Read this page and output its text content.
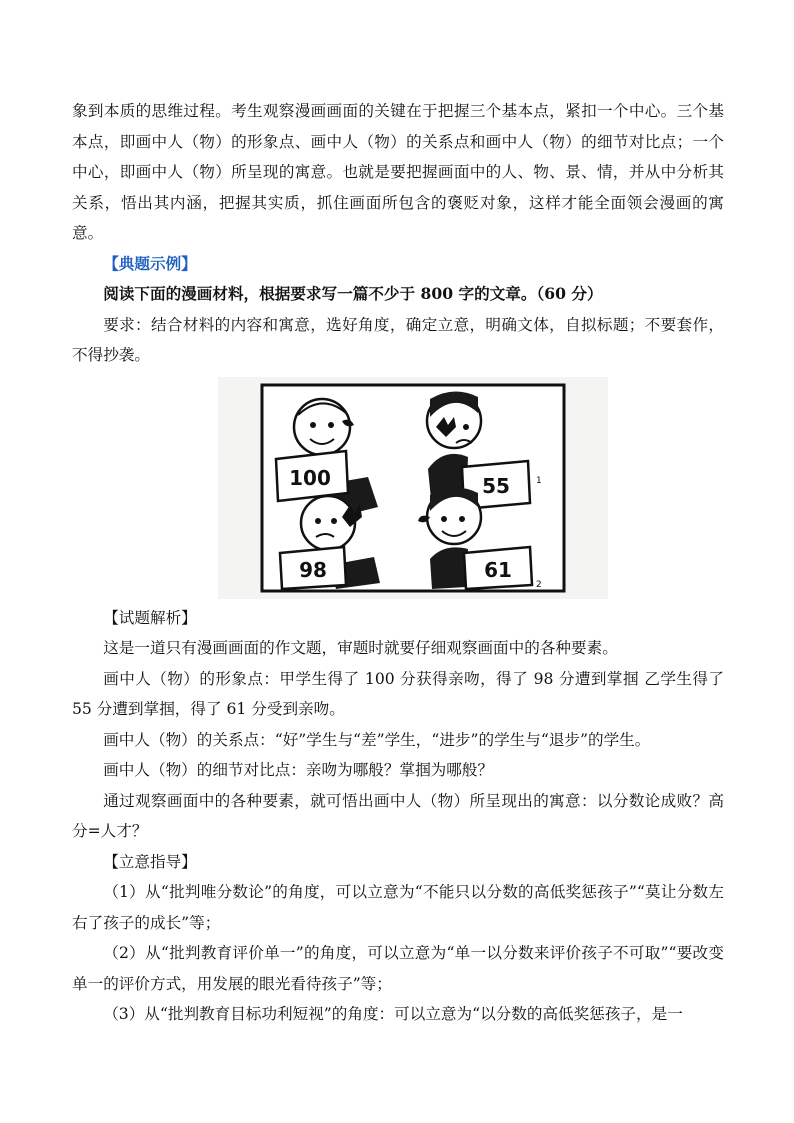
象到本质的思维过程。考生观察漫画画面的关键在于把握三个基本点，紧扣一个中心。三个基本点，即画中人（物）的形象点、画中人（物）的关系点和画中人（物）的细节对比点；一个中心，即画中人（物）所呈现的寓意。也就是要把握画面中的人、物、景、情，并从中分析其关系，悟出其内涵，把握其实质，抓住画面所包含的褒贬对象，这样才能全面领会漫画的寓意。

【典题示例】

阅读下面的漫画材料，根据要求写一篇不少于 800 字的文章。（60 分）

要求：结合材料的内容和寓意，选好角度，确定立意，明确文体，自拟标题；不要套作，不得抄袭。

100	55	1
98	61
2

【试题解析】

这是一道只有漫画画面的作文题，审题时就要仔细观察画面中的各种要素。

画中人（物）的形象点：甲学生得了 100 分获得亲吻，得了 98 分遭到掌掴 乙学生得了 55 分遭到掌掴，得了 61 分受到亲吻。

画中人（物）的关系点：“好”学生与“差”学生，“进步”的学生与“退步”的学生。

画中人（物）的细节对比点：亲吻为哪般？掌掴为哪般？

通过观察画面中的各种要素，就可悟出画中人（物）所呈现出的寓意：以分数论成败？高分=人才？

【立意指导】

（1）从“批判唯分数论”的角度，可以立意为“不能只以分数的高低奖惩孩子”“莫让分数左右了孩子的成长”等；

（2）从“批判教育评价单一”的角度，可以立意为“单一以分数来评价孩子不可取”“要改变单一的评价方式，用发展的眼光看待孩子”等；

（3）从“批判教育目标功利短视”的角度：可以立意为“以分数的高低奖惩孩子，是一
